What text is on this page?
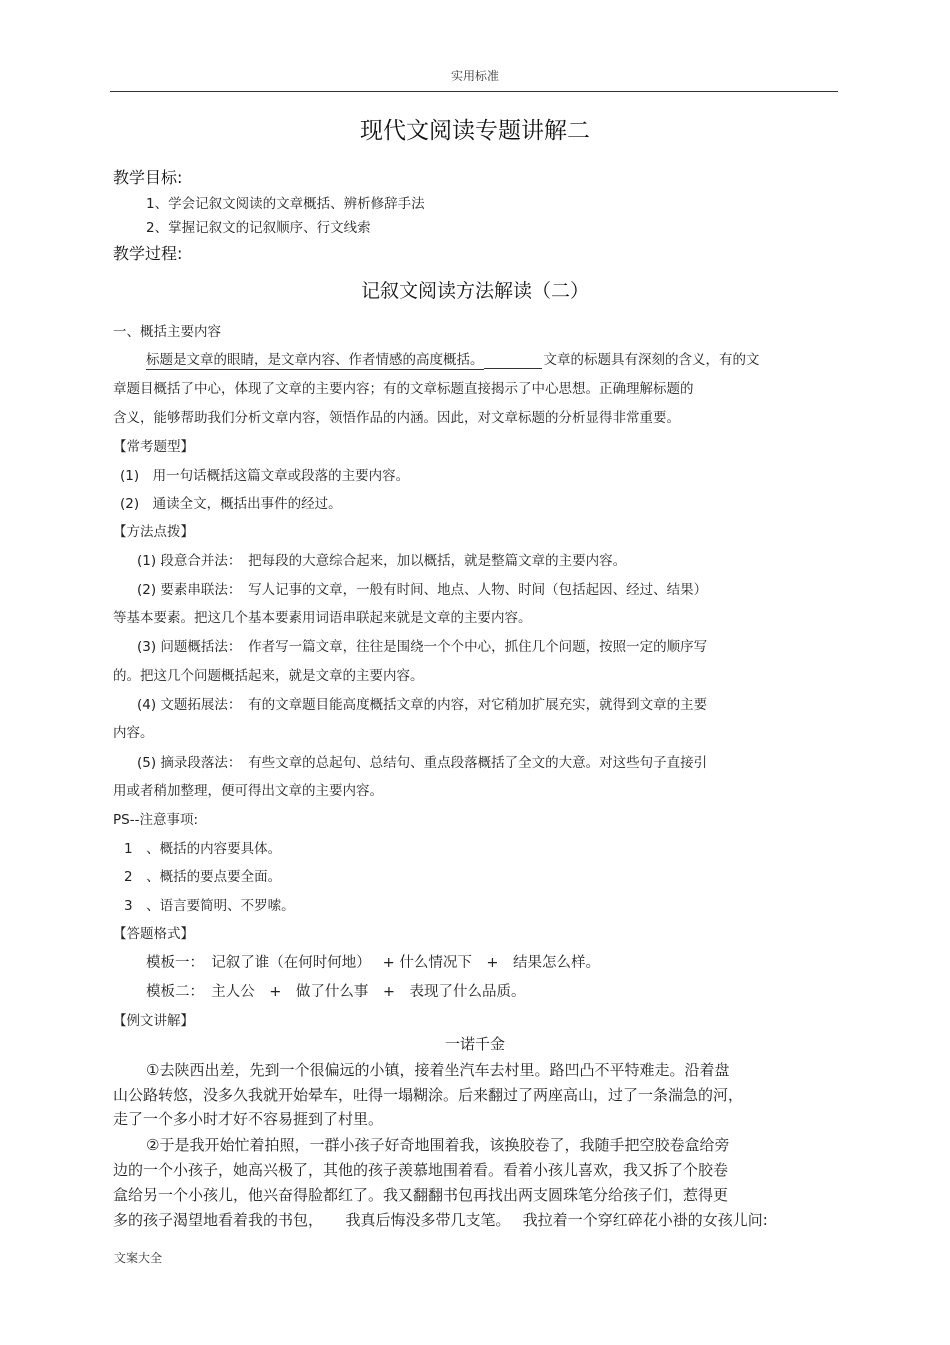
实用标准
现代文阅读专题讲解二
教学目标:
1、学会记叙文阅读的文章概括、辨析修辞手法
2、掌握记叙文的记叙顺序、行文线索
教学过程:
记叙文阅读方法解读（二）
一、概括主要内容
标题是文章的眼睛，是文章内容、作者情感的高度概括。	文章的标题具有深刻的含义，有的文
章题目概括了中心，体现了文章的主要内容；有的文章标题直接揭示了中心思想。正确理解标题的
含义，能够帮助我们分析文章内容，领悟作品的内涵。因此，对文章标题的分析显得非常重要。
【常考题型】
(1)　用一句话概括这篇文章或段落的主要内容。
(2)　通读全文，概括出事件的经过。
【方法点拨】
(1) 段意合并法：　把每段的大意综合起来，加以概括，就是整篇文章的主要内容。
(2) 要素串联法：　写人记事的文章，一般有时间、地点、人物、时间（包括起因、经过、结果）
等基本要素。把这几个基本要素用词语串联起来就是文章的主要内容。
(3) 问题概括法：　作者写一篇文章，往往是围绕一个个中心，抓住几个问题，按照一定的顺序写
的。把这几个问题概括起来，就是文章的主要内容。
(4) 文题拓展法：　有的文章题目能高度概括文章的内容，对它稍加扩展充实，就得到文章的主要
内容。
(5) 摘录段落法：　有些文章的总起句、总结句、重点段落概括了全文的大意。对这些句子直接引
用或者稍加整理，便可得出文章的主要内容。
PS--注意事项:
1　、概括的内容要具体。
2　、概括的要点要全面。
3　、语言要简明、不罗嗦。
【答题格式】
模板一：　记叙了谁（在何时何地）　 + 什么情况下　+　结果怎么样。
模板二：　主人公　+　做了什么事　+　表现了什么品质。
【例文讲解】
一诺千金
①去陕西出差，先到一个很偏远的小镇，接着坐汽车去村里。路凹凸不平特难走。沿着盘
山公路转悠，没多久我就开始晕车，吐得一塌糊涂。后来翻过了两座高山，过了一条湍急的河，
走了一个多小时才好不容易捱到了村里。
②于是我开始忙着拍照，一群小孩子好奇地围着我，该换胶卷了，我随手把空胶卷盒给旁
边的一个小孩子，她高兴极了，其他的孩子羡慕地围着看。看着小孩儿喜欢，我又拆了个胶卷
盒给另一个小孩儿，他兴奋得脸都红了。我又翻翻书包再找出两支圆珠笔分给孩子们，惹得更
多的孩子渴望地看着我的书包，　　我真后悔没多带几支笔。　 我拉着一个穿红碎花小褂的女孩儿问:
文案大全
